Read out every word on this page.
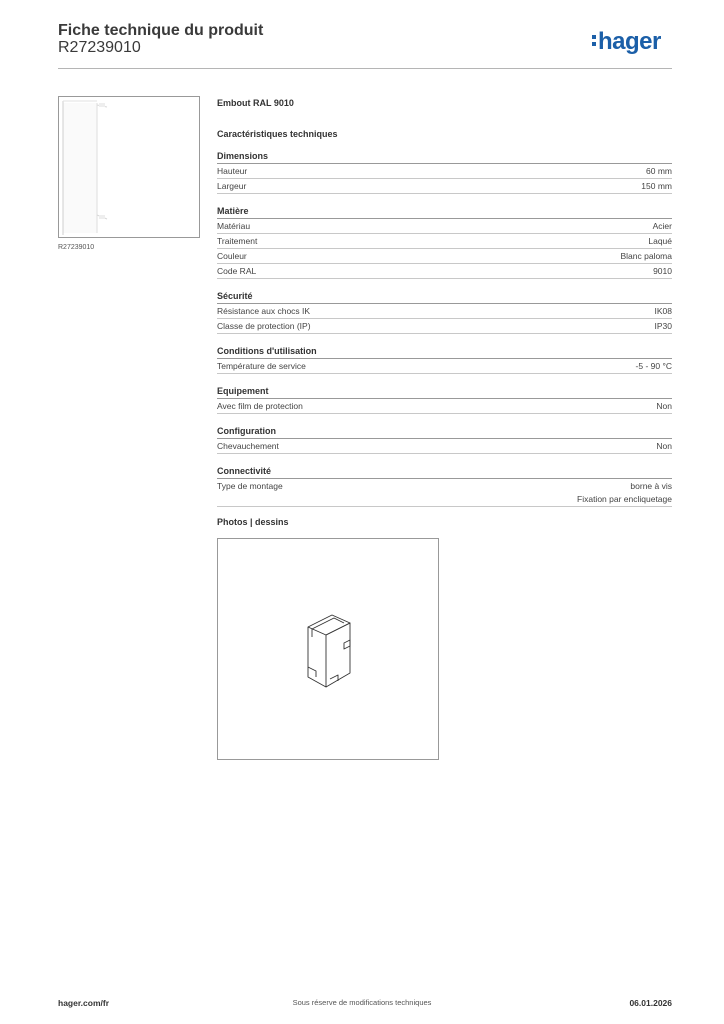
Fiche technique du produit
R27239010	hager
R27239010
Embout RAL 9010
Caractéristiques techniques
Dimensions
Hauteur	60 mm
Largeur	150 mm
Matière
Matériau	Acier
Traitement	Laqué
Couleur	Blanc paloma
Code RAL	9010
Sécurité
Résistance aux chocs IK	IK08
Classe de protection (IP)	IP30
Conditions d'utilisation
Température de service	-5 - 90 °C
Equipement
Avec film de protection	Non
Configuration
Chevauchement	Non
Connectivité
Type de montage	borne à vis
Fixation par encliquetage
Photos | dessins
hager.com/fr	Sous réserve de modifications techniques	06.01.2026
